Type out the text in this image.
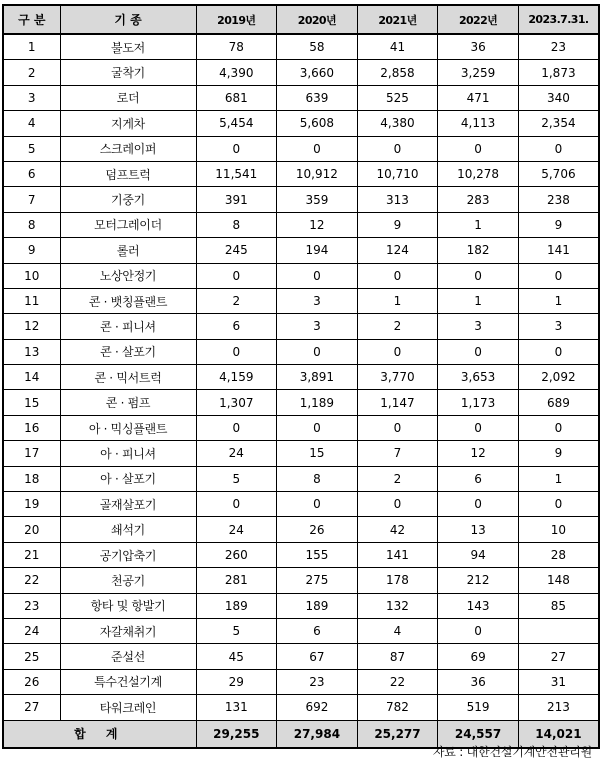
구 분	기 종	2019년	2020년	2021년	2022년	2023.7.31.
1	불도저	78	58	41	36	23
2	굴착기	4,390	3,660	2,858	3,259	1,873
3	로더	681	639	525	471	340
4	지게차	5,454	5,608	4,380	4,113	2,354
5	스크레이퍼	0	0	0	0	0
6	덤프트럭	11,541	10,912	10,710	10,278	5,706
7	기중기	391	359	313	283	238
8	모터그레이더	8	12	9	1	9
9	롤러	245	194	124	182	141
10	노상안정기	0	0	0	0	0
11	콘 · 뱃칭플랜트	2	3	1	1	1
12	콘 · 피니셔	6	3	2	3	3
13	콘 · 살포기	0	0	0	0	0
14	콘 · 믹서트럭	4,159	3,891	3,770	3,653	2,092
15	콘 · 펌프	1,307	1,189	1,147	1,173	689
16	아 · 믹싱플랜트	0	0	0	0	0
17	아 · 피니셔	24	15	7	12	9
18	아 · 살포기	5	8	2	6	1
19	골재살포기	0	0	0	0	0
20	쇄석기	24	26	42	13	10
21	공기압축기	260	155	141	94	28
22	천공기	281	275	178	212	148
23	항타 및 항발기	189	189	132	143	85
24	자갈채취기	5	6	4	0	
25	준설선	45	67	87	69	27
26	특수건설기계	29	23	22	36	31
27	타워크레인	131	692	782	519	213
합 계		29,255	27,984	25,277	24,557	14,021
자료 : 대한건설기계안전관리원
